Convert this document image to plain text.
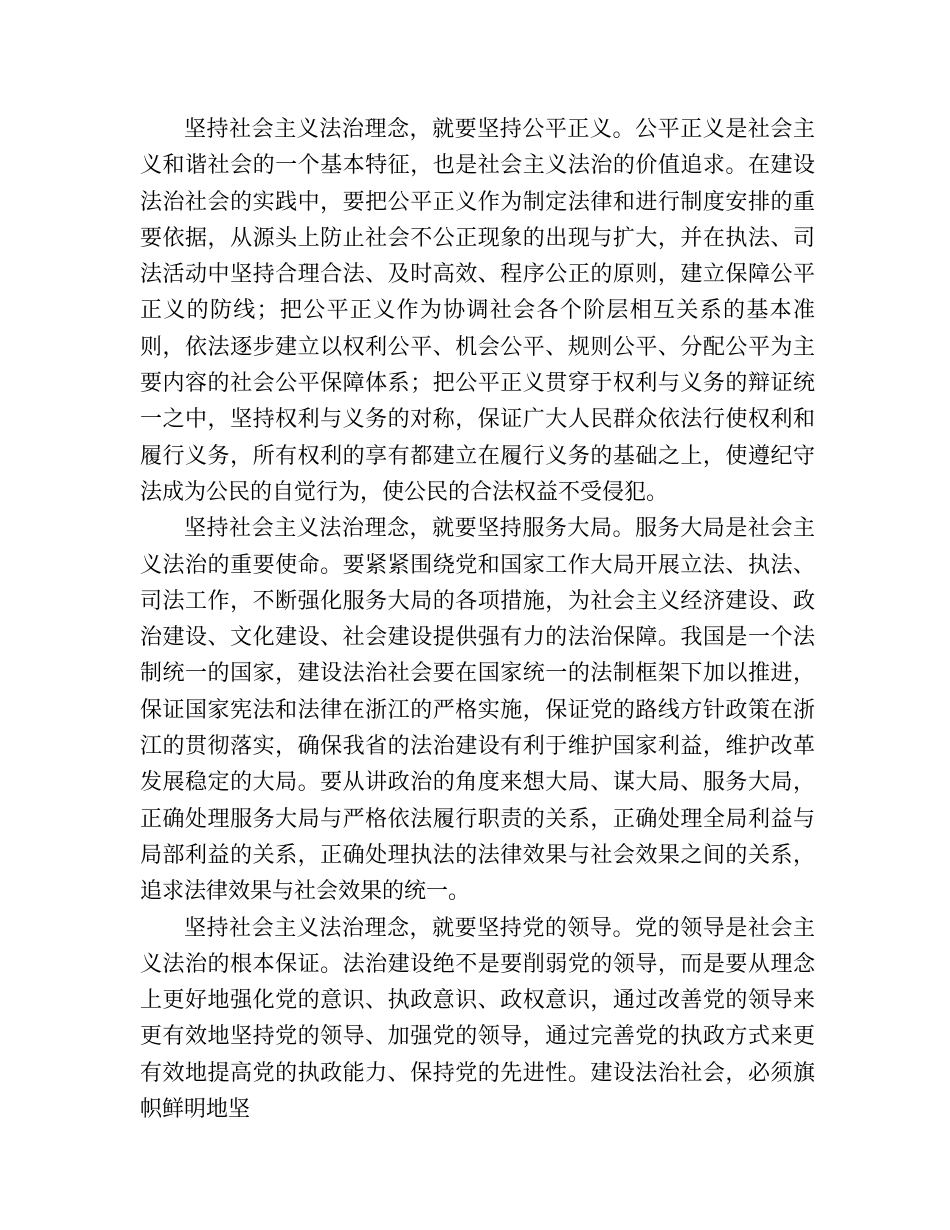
坚持社会主义法治理念，就要坚持公平正义。公平正义是社会主义和谐社会的一个基本特征，也是社会主义法治的价值追求。在建设法治社会的实践中，要把公平正义作为制定法律和进行制度安排的重要依据，从源头上防止社会不公正现象的出现与扩大，并在执法、司法活动中坚持合理合法、及时高效、程序公正的原则，建立保障公平正义的防线；把公平正义作为协调社会各个阶层相互关系的基本准则，依法逐步建立以权利公平、机会公平、规则公平、分配公平为主要内容的社会公平保障体系；把公平正义贯穿于权利与义务的辩证统一之中，坚持权利与义务的对称，保证广大人民群众依法行使权利和履行义务，所有权利的享有都建立在履行义务的基础之上，使遵纪守法成为公民的自觉行为，使公民的合法权益不受侵犯。

坚持社会主义法治理念，就要坚持服务大局。服务大局是社会主义法治的重要使命。要紧紧围绕党和国家工作大局开展立法、执法、司法工作，不断强化服务大局的各项措施，为社会主义经济建设、政治建设、文化建设、社会建设提供强有力的法治保障。我国是一个法制统一的国家，建设法治社会要在国家统一的法制框架下加以推进，保证国家宪法和法律在浙江的严格实施，保证党的路线方针政策在浙江的贯彻落实，确保我省的法治建设有利于维护国家利益，维护改革发展稳定的大局。要从讲政治的角度来想大局、谋大局、服务大局，正确处理服务大局与严格依法履行职责的关系，正确处理全局利益与局部利益的关系，正确处理执法的法律效果与社会效果之间的关系，追求法律效果与社会效果的统一。

坚持社会主义法治理念，就要坚持党的领导。党的领导是社会主义法治的根本保证。法治建设绝不是要削弱党的领导，而是要从理念上更好地强化党的意识、执政意识、政权意识，通过改善党的领导来更有效地坚持党的领导、加强党的领导，通过完善党的执政方式来更有效地提高党的执政能力、保持党的先进性。建设法治社会，必须旗帜鲜明地坚
